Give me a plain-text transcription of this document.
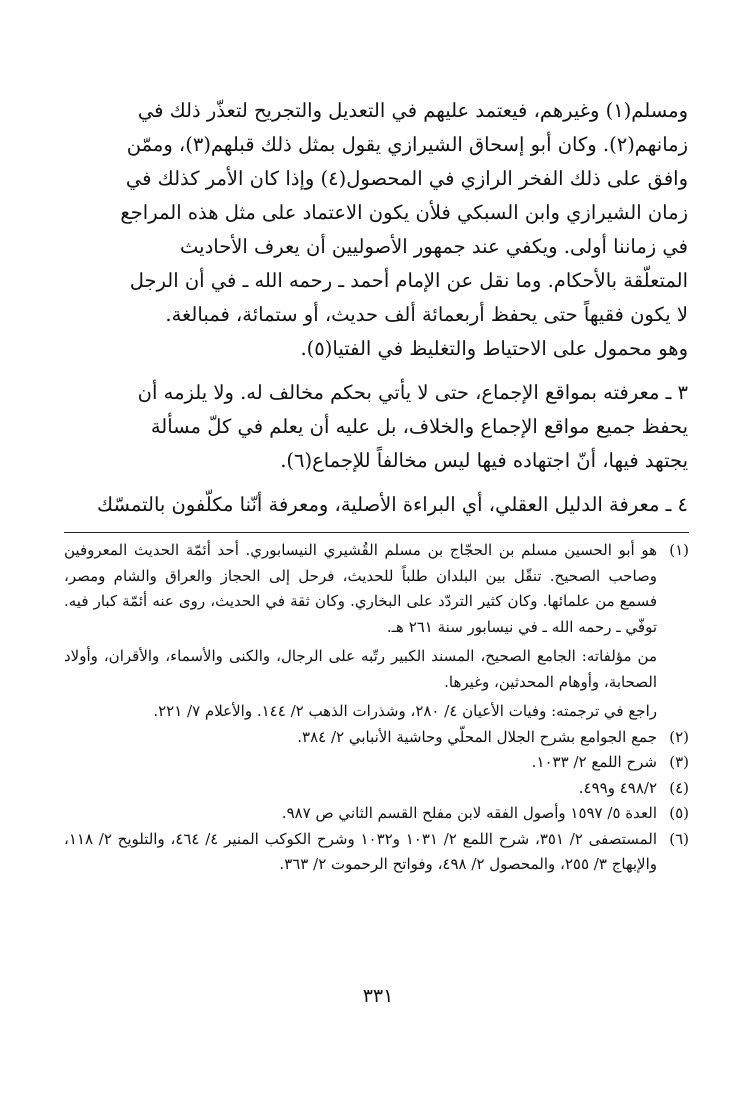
ومسلم(١) وغيرهم، فيعتمد عليهم في التعديل والتجريح لتعذّر ذلك في
زمانهم(٢). وكان أبو إسحاق الشيرازي يقول بمثل ذلك قبلهم(٣)، وممّن
وافق على ذلك الفخر الرازي في المحصول(٤) وإذا كان الأمر كذلك في
زمان الشيرازي وابن السبكي فلأن يكون الاعتماد على مثل هذه المراجع
في زماننا أولى. ويكفي عند جمهور الأصوليين أن يعرف الأحاديث
المتعلّقة بالأحكام. وما نقل عن الإمام أحمد ـ رحمه الله ـ في أن الرجل
لا يكون فقيهاً حتى يحفظ أربعمائة ألف حديث، أو ستمائة، فمبالغة.
وهو محمول على الاحتياط والتغليظ في الفتيا(٥).
٣ ـ معرفته بمواقع الإجماع، حتى لا يأتي بحكم مخالف له. ولا يلزمه أن
يحفظ جميع مواقع الإجماع والخلاف، بل عليه أن يعلم في كلّ مسألة
يجتهد فيها، أنّ اجتهاده فيها ليس مخالفاً للإجماع(٦).
٤ ـ معرفة الدليل العقلي، أي البراءة الأصلية، ومعرفة أنّنا مكلّفون بالتمسّك
(١)
هو أبو الحسين مسلم بن الحجّاج بن مسلم القُشيري النيسابوري. أحد أئمّة الحديث المعروفين وصاحب الصحيح. تنقّل بين البلدان طلباً للحديث، فرحل إلى الحجاز والعراق والشام ومصر، فسمع من علمائها. وكان كثير التردّد على البخاري. وكان ثقة في الحديث، روى عنه أئمّة كبار فيه. توفّي ـ رحمه الله ـ في نيسابور سنة ٢٦١ هـ.
من مؤلفاته: الجامع الصحيح، المسند الكبير رتّبه على الرجال، والكنى والأسماء، والأقران، وأولاد الصحابة، وأوهام المحدثين، وغيرها.
راجع في ترجمته: وفيات الأعيان ٤/ ٢٨٠، وشذرات الذهب ٢/ ١٤٤. والأعلام ٧/ ٢٢١.
(٢)
جمع الجوامع بشرح الجلال المحلّي وحاشية الأنبابي ٢/ ٣٨٤.
(٣)
شرح اللمع ٢/ ١٠٣٣.
(٤)
٤٩٨/٢ و٤٩٩.
(٥)
العدة ٥/ ١٥٩٧ وأصول الفقه لابن مفلح القسم الثاني ص ٩٨٧.
(٦)
المستصفى ٢/ ٣٥١، شرح اللمع ٢/ ١٠٣١ و١٠٣٢ وشرح الكوكب المنير ٤/ ٤٦٤، والتلويح ٢/ ١١٨، والإبهاج ٣/ ٢٥٥، والمحصول ٢/ ٤٩٨، وفواتح الرحموت ٢/ ٣٦٣.
٣٣١
